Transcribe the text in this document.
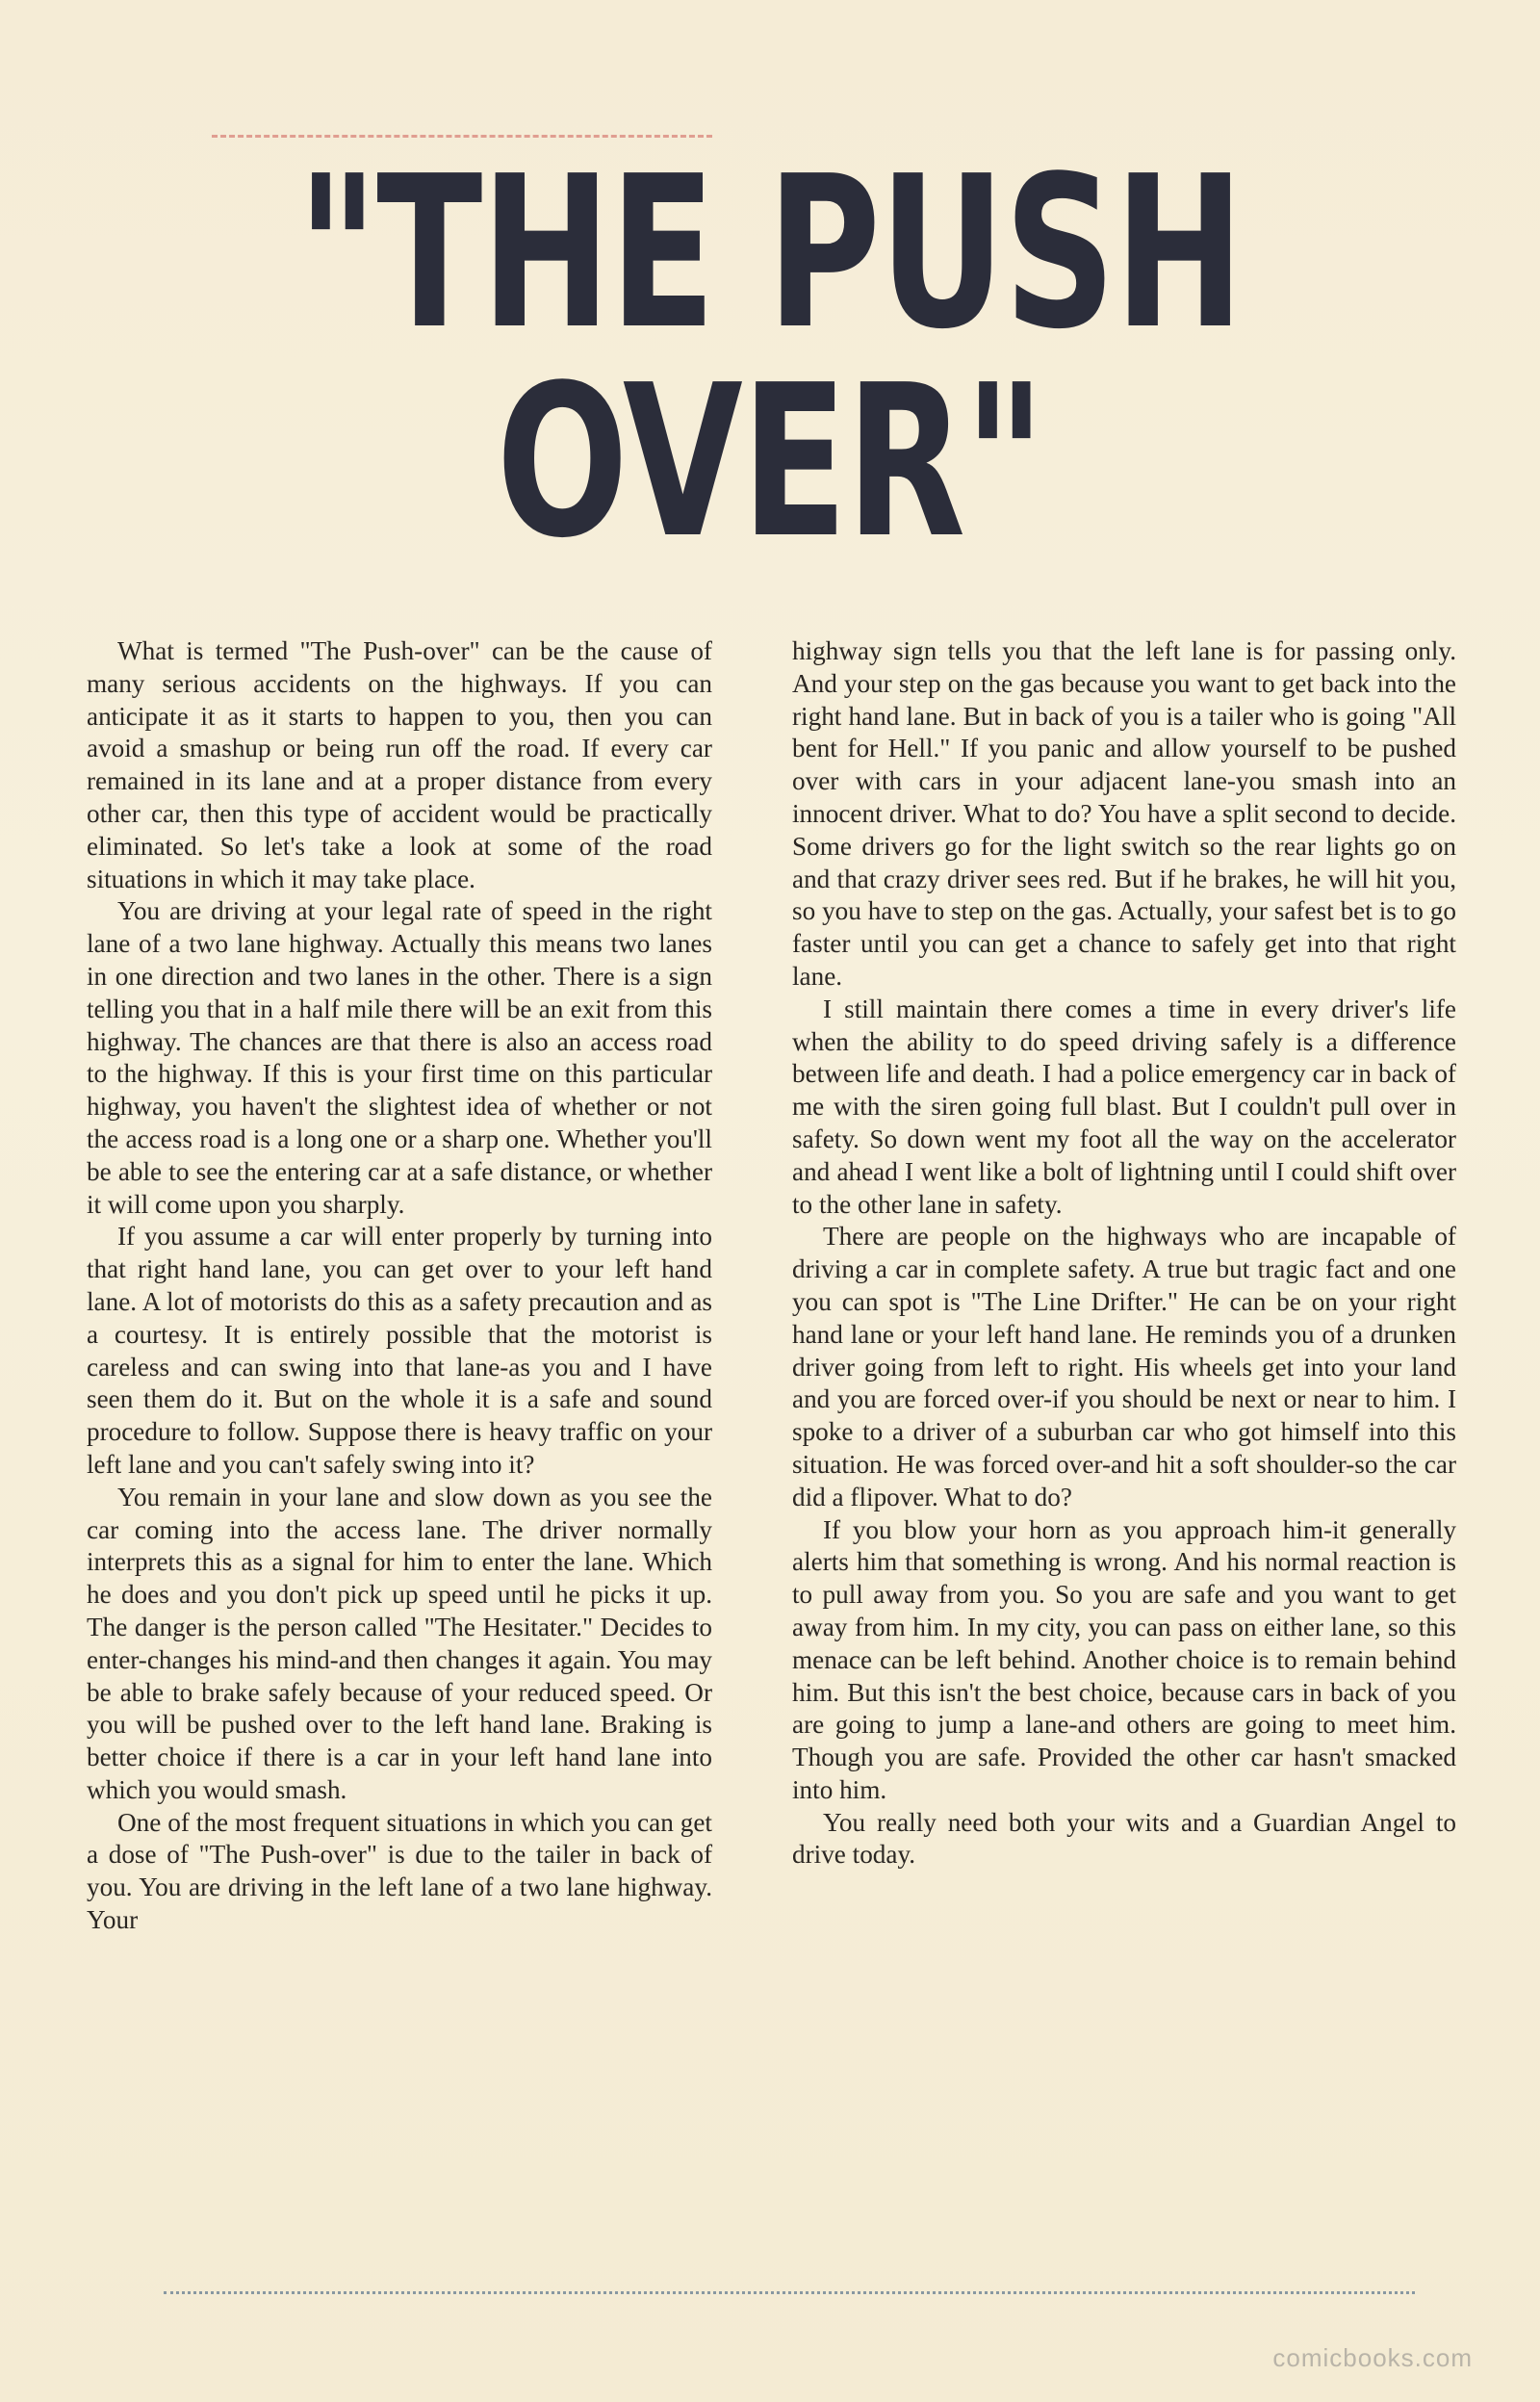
"THE PUSH
OVER"

What is termed "The Push-over" can be the cause of many serious accidents on the highways. If you can anticipate it as it starts to happen to you, then you can avoid a smashup or being run off the road. If every car remained in its lane and at a proper distance from every other car, then this type of accident would be practically eliminated. So let's take a look at some of the road situations in which it may take place.

You are driving at your legal rate of speed in the right lane of a two lane highway. Actually this means two lanes in one direction and two lanes in the other. There is a sign telling you that in a half mile there will be an exit from this highway. The chances are that there is also an access road to the highway. If this is your first time on this particular highway, you haven't the slightest idea of whether or not the access road is a long one or a sharp one. Whether you'll be able to see the entering car at a safe distance, or whether it will come upon you sharply.

If you assume a car will enter properly by turning into that right hand lane, you can get over to your left hand lane. A lot of motorists do this as a safety precaution and as a courtesy. It is entirely possible that the motorist is careless and can swing into that lane-as you and I have seen them do it. But on the whole it is a safe and sound procedure to follow. Suppose there is heavy traffic on your left lane and you can't safely swing into it?

You remain in your lane and slow down as you see the car coming into the access lane. The driver normally interprets this as a signal for him to enter the lane. Which he does and you don't pick up speed until he picks it up. The danger is the person called "The Hesitater." Decides to enter-changes his mind-and then changes it again. You may be able to brake safely because of your reduced speed. Or you will be pushed over to the left hand lane. Braking is better choice if there is a car in your left hand lane into which you would smash.

One of the most frequent situations in which you can get a dose of "The Push-over" is due to the tailer in back of you. You are driving in the left lane of a two lane highway. Your

highway sign tells you that the left lane is for passing only. And your step on the gas because you want to get back into the right hand lane. But in back of you is a tailer who is going "All bent for Hell." If you panic and allow yourself to be pushed over with cars in your adjacent lane-you smash into an innocent driver. What to do? You have a split second to decide. Some drivers go for the light switch so the rear lights go on and that crazy driver sees red. But if he brakes, he will hit you, so you have to step on the gas. Actually, your safest bet is to go faster until you can get a chance to safely get into that right lane.

I still maintain there comes a time in every driver's life when the ability to do speed driving safely is a difference between life and death. I had a police emergency car in back of me with the siren going full blast. But I couldn't pull over in safety. So down went my foot all the way on the accelerator and ahead I went like a bolt of lightning until I could shift over to the other lane in safety.

There are people on the highways who are incapable of driving a car in complete safety. A true but tragic fact and one you can spot is "The Line Drifter." He can be on your right hand lane or your left hand lane. He reminds you of a drunken driver going from left to right. His wheels get into your land and you are forced over-if you should be next or near to him. I spoke to a driver of a suburban car who got himself into this situation. He was forced over-and hit a soft shoulder-so the car did a flipover. What to do?

If you blow your horn as you approach him-it generally alerts him that something is wrong. And his normal reaction is to pull away from you. So you are safe and you want to get away from him. In my city, you can pass on either lane, so this menace can be left behind. Another choice is to remain behind him. But this isn't the best choice, because cars in back of you are going to jump a lane-and others are going to meet him. Though you are safe. Provided the other car hasn't smacked into him.

You really need both your wits and a Guardian Angel to drive today.

comicbooks.com
